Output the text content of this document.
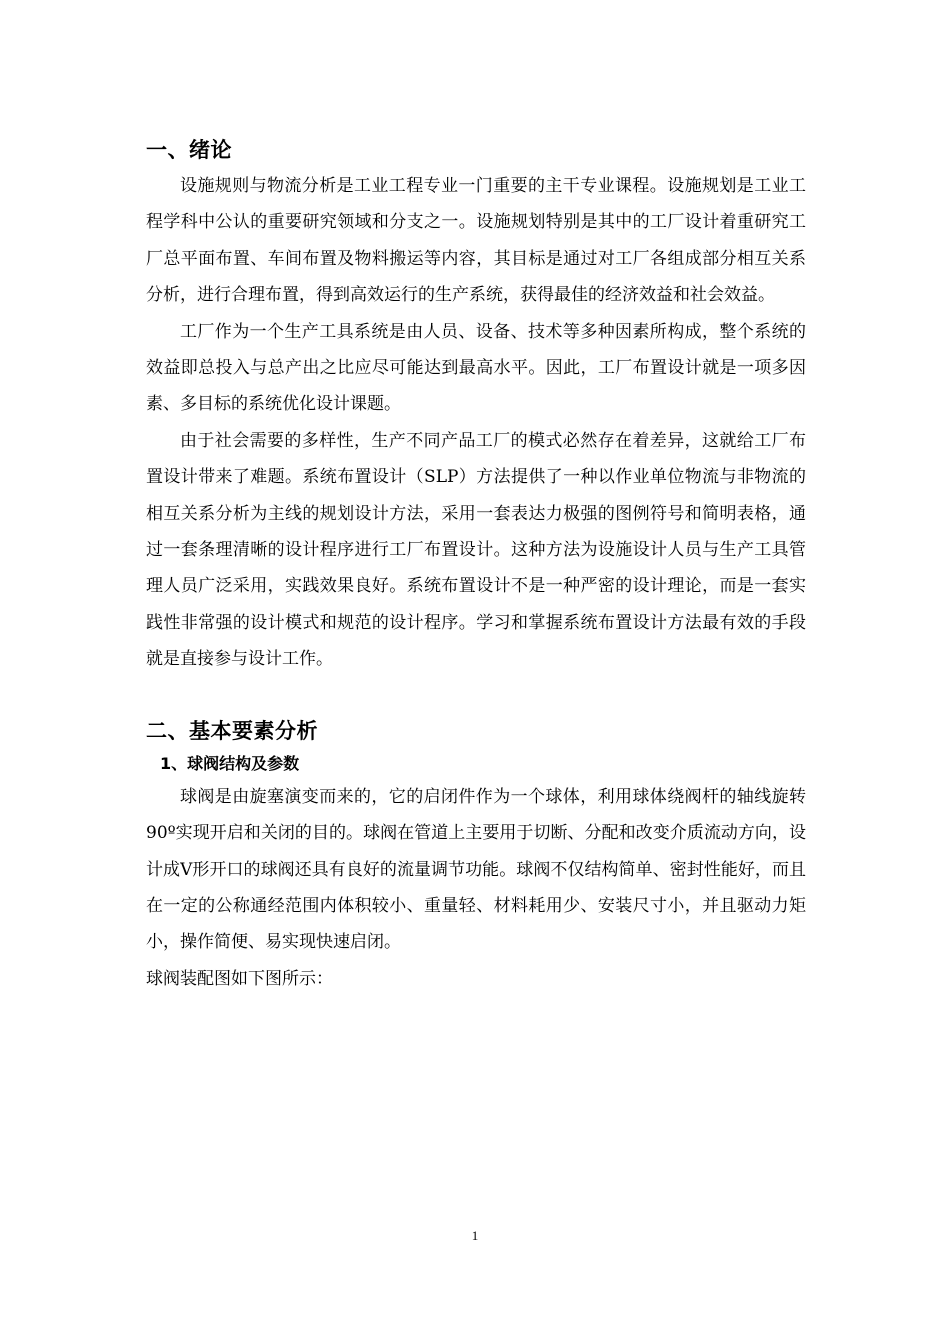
一、绪论

设施规则与物流分析是工业工程专业一门重要的主干专业课程。设施规划是工业工程学科中公认的重要研究领域和分支之一。设施规划特别是其中的工厂设计着重研究工厂总平面布置、车间布置及物料搬运等内容，其目标是通过对工厂各组成部分相互关系分析，进行合理布置，得到高效运行的生产系统，获得最佳的经济效益和社会效益。

工厂作为一个生产工具系统是由人员、设备、技术等多种因素所构成，整个系统的效益即总投入与总产出之比应尽可能达到最高水平。因此，工厂布置设计就是一项多因素、多目标的系统优化设计课题。

由于社会需要的多样性，生产不同产品工厂的模式必然存在着差异，这就给工厂布置设计带来了难题。系统布置设计（SLP）方法提供了一种以作业单位物流与非物流的相互关系分析为主线的规划设计方法，采用一套表达力极强的图例符号和简明表格，通过一套条理清晰的设计程序进行工厂布置设计。这种方法为设施设计人员与生产工具管理人员广泛采用，实践效果良好。系统布置设计不是一种严密的设计理论，而是一套实践性非常强的设计模式和规范的设计程序。学习和掌握系统布置设计方法最有效的手段就是直接参与设计工作。

二、基本要素分析
1、球阀结构及参数

球阀是由旋塞演变而来的，它的启闭件作为一个球体，利用球体绕阀杆的轴线旋转90º实现开启和关闭的目的。球阀在管道上主要用于切断、分配和改变介质流动方向，设计成V形开口的球阀还具有良好的流量调节功能。球阀不仅结构简单、密封性能好，而且在一定的公称通经范围内体积较小、重量轻、材料耗用少、安装尺寸小，并且驱动力矩小，操作简便、易实现快速启闭。

球阀装配图如下图所示：

1
